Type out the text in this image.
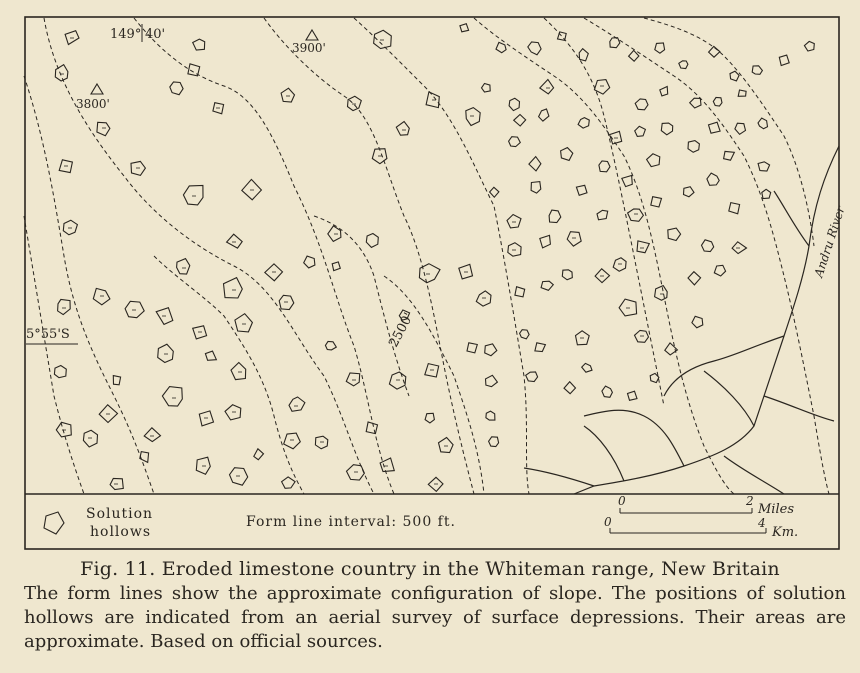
149° 40'
3900'
3800'
5°55'S	2500'
Andru River
Solution
hollows
Form line interval: 500 ft.
0	2
Miles
0	4
Km.

Fig. 11. Eroded limestone country in the Whiteman range, New Britain

The form lines show the approximate configuration of slope. The positions of solution hollows are indicated from an aerial survey of surface depressions. Their areas are approximate. Based on official sources.
